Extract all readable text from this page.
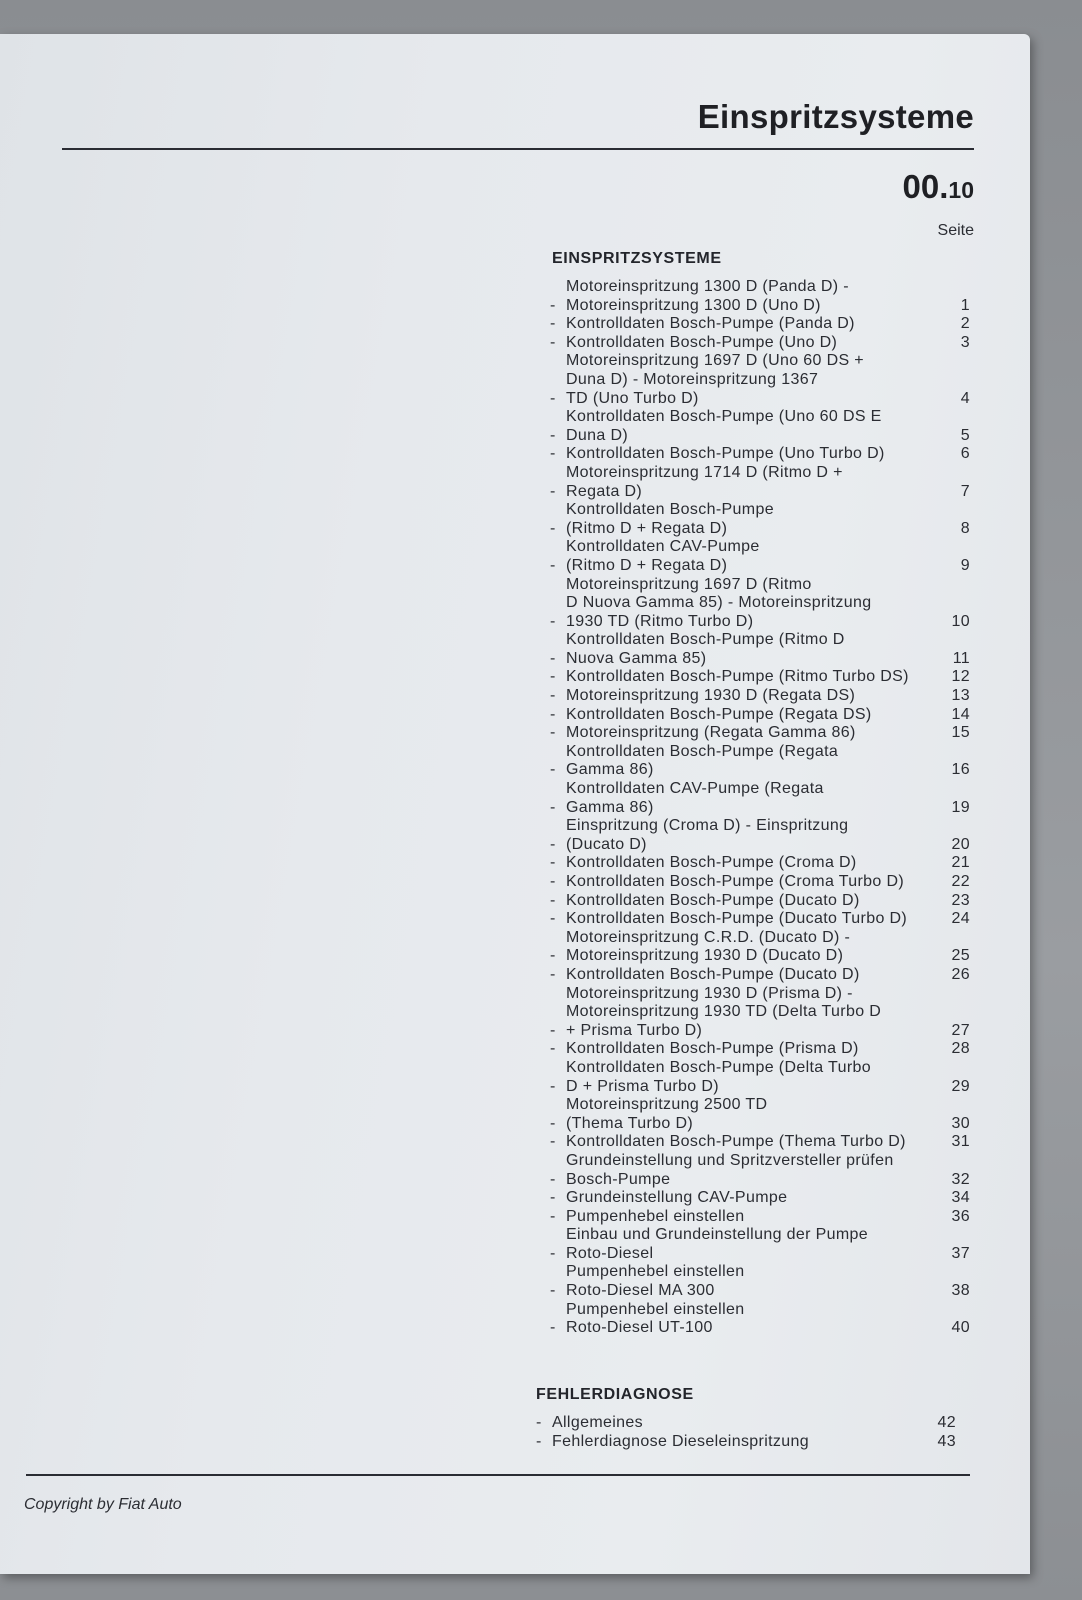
Einspritzsysteme
00.10
Seite
EINSPRITZSYSTEME
-
Motoreinspritzung 1300 D (Panda D) -
Motoreinspritzung 1300 D (Uno D)	1
- Kontrolldaten Bosch-Pumpe (Panda D)	2
- Kontrolldaten Bosch-Pumpe (Uno D)	3
-
Motoreinspritzung 1697 D (Uno 60 DS +
Duna D) - Motoreinspritzung 1367
TD (Uno Turbo D)	4
-
Kontrolldaten Bosch-Pumpe (Uno 60 DS E
Duna D)	5
- Kontrolldaten Bosch-Pumpe (Uno Turbo D)	6
-
Motoreinspritzung 1714 D (Ritmo D +
Regata D)	7
-
Kontrolldaten Bosch-Pumpe
(Ritmo D + Regata D)	8
-
Kontrolldaten CAV-Pumpe
(Ritmo D + Regata D)	9
-
Motoreinspritzung 1697 D (Ritmo
D Nuova Gamma 85) - Motoreinspritzung
1930 TD (Ritmo Turbo D)	10
-
Kontrolldaten Bosch-Pumpe (Ritmo D
Nuova Gamma 85)	11
- Kontrolldaten Bosch-Pumpe (Ritmo Turbo DS)	12
- Motoreinspritzung 1930 D (Regata DS)	13
- Kontrolldaten Bosch-Pumpe (Regata DS)	14
- Motoreinspritzung (Regata Gamma 86)	15
-
Kontrolldaten Bosch-Pumpe (Regata
Gamma 86)	16
-
Kontrolldaten CAV-Pumpe (Regata
Gamma 86)	19
-
Einspritzung (Croma D) - Einspritzung
(Ducato D)	20
- Kontrolldaten Bosch-Pumpe (Croma D)	21
- Kontrolldaten Bosch-Pumpe (Croma Turbo D)	22
- Kontrolldaten Bosch-Pumpe (Ducato D)	23
- Kontrolldaten Bosch-Pumpe (Ducato Turbo D)	24
-
Motoreinspritzung C.R.D. (Ducato D) -
Motoreinspritzung 1930 D (Ducato D)	25
- Kontrolldaten Bosch-Pumpe (Ducato D)	26
-
Motoreinspritzung 1930 D (Prisma D) -
Motoreinspritzung 1930 TD (Delta Turbo D
+ Prisma Turbo D)	27
- Kontrolldaten Bosch-Pumpe (Prisma D)	28
-
Kontrolldaten Bosch-Pumpe (Delta Turbo
D + Prisma Turbo D)	29
-
Motoreinspritzung 2500 TD
(Thema Turbo D)	30
- Kontrolldaten Bosch-Pumpe (Thema Turbo D)	31
-
Grundeinstellung und Spritzversteller prüfen
Bosch-Pumpe	32
- Grundeinstellung CAV-Pumpe	34
- Pumpenhebel einstellen	36
-
Einbau und Grundeinstellung der Pumpe
Roto-Diesel	37
-
Pumpenhebel einstellen
Roto-Diesel MA 300	38
-
Pumpenhebel einstellen
Roto-Diesel UT-100	40
FEHLERDIAGNOSE
- Allgemeines	42
- Fehlerdiagnose Dieseleinspritzung	43
Copyright by Fiat Auto
